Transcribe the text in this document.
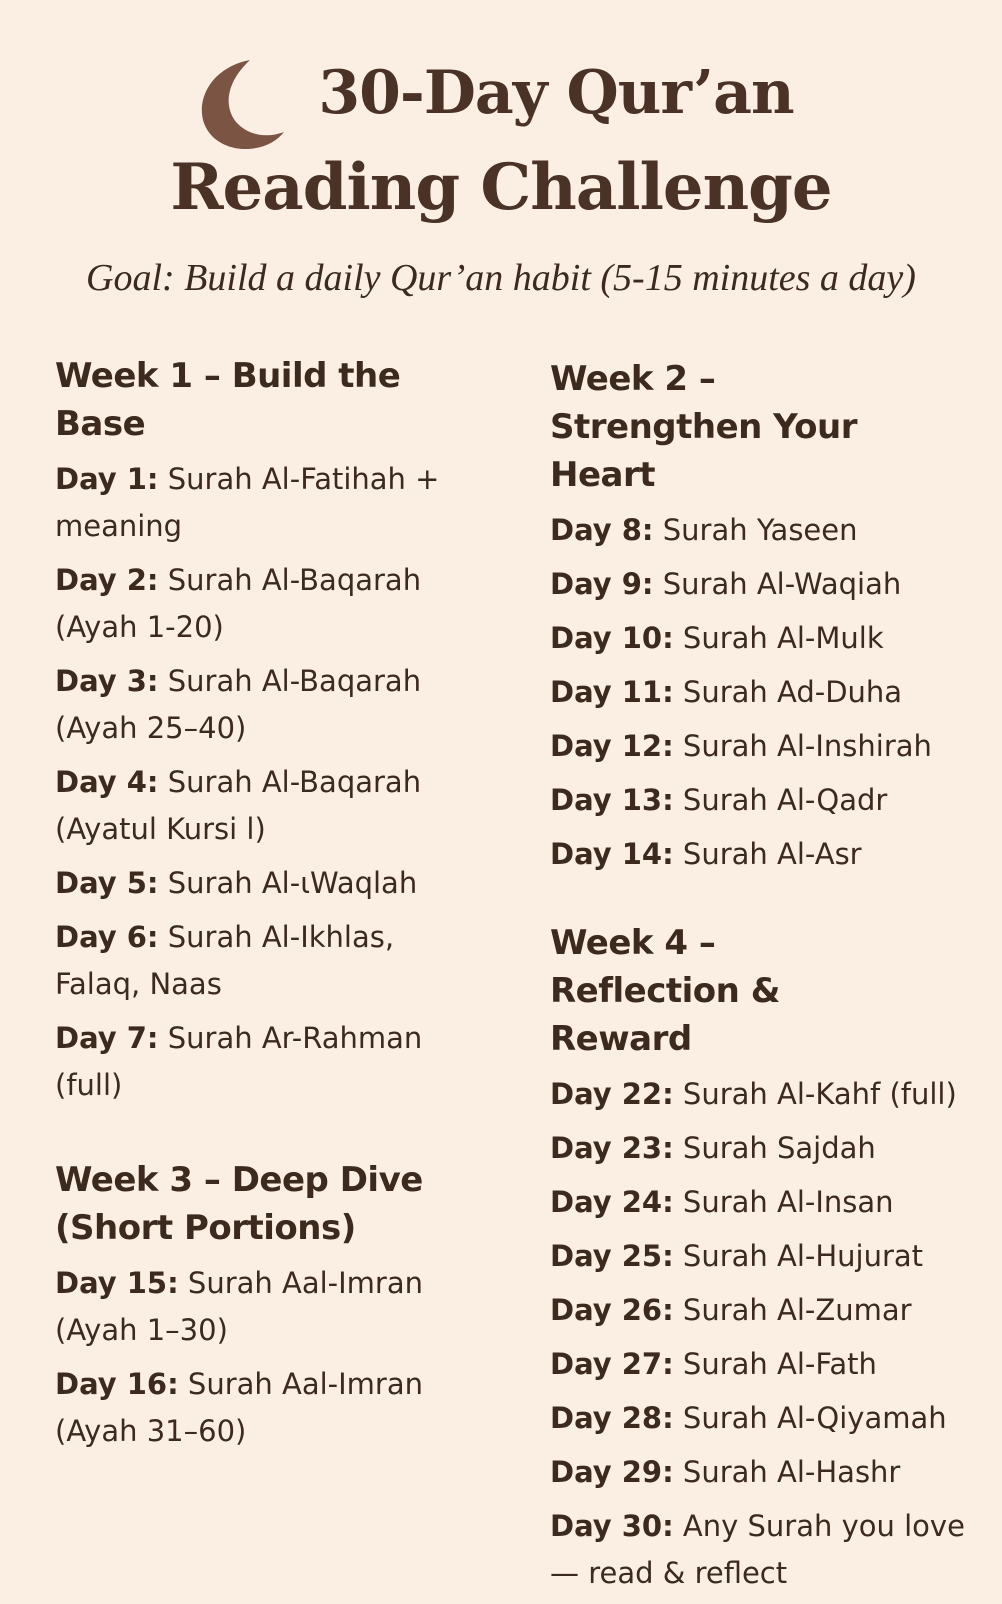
30-Day Qur’an
Reading Challenge
Goal: Build a daily Qur’an habit (5-15 minutes a day)
Week 1 – Build the Base
Day 1: Surah Al-Fatihah + meaning
Day 2: Surah Al-Baqarah (Ayah 1-20)
Day 3: Surah Al-Baqarah (Ayah 25–40)
Day 4: Surah Al-Baqarah (Ayatul Kursi l)
Day 5: Surah Al-ιWaqlah
Day 6: Surah Al-Ikhlas, Falaq, Naas
Day 7: Surah Ar-Rahman (full)
Week 3 – Deep Dive (Short Portions)
Day 15: Surah Aal-Imran (Ayah 1–30)
Day 16: Surah Aal-Imran (Ayah 31–60)
Week 2 – Strengthen Your Heart
Day 8: Surah Yaseen
Day 9: Surah Al-Waqiah
Day 10: Surah Al-Mulk
Day 11: Surah Ad-Duha
Day 12: Surah Al-Inshirah
Day 13: Surah Al-Qadr
Day 14: Surah Al-Asr
Week 4 – Reflection & Reward
Day 22: Surah Al-Kahf (full)
Day 23: Surah Sajdah
Day 24: Surah Al-Insan
Day 25: Surah Al-Hujurat
Day 26: Surah Al-Zumar
Day 27: Surah Al-Fath
Day 28: Surah Al-Qiyamah
Day 29: Surah Al-Hashr
Day 30: Any Surah you love — read & reflect
